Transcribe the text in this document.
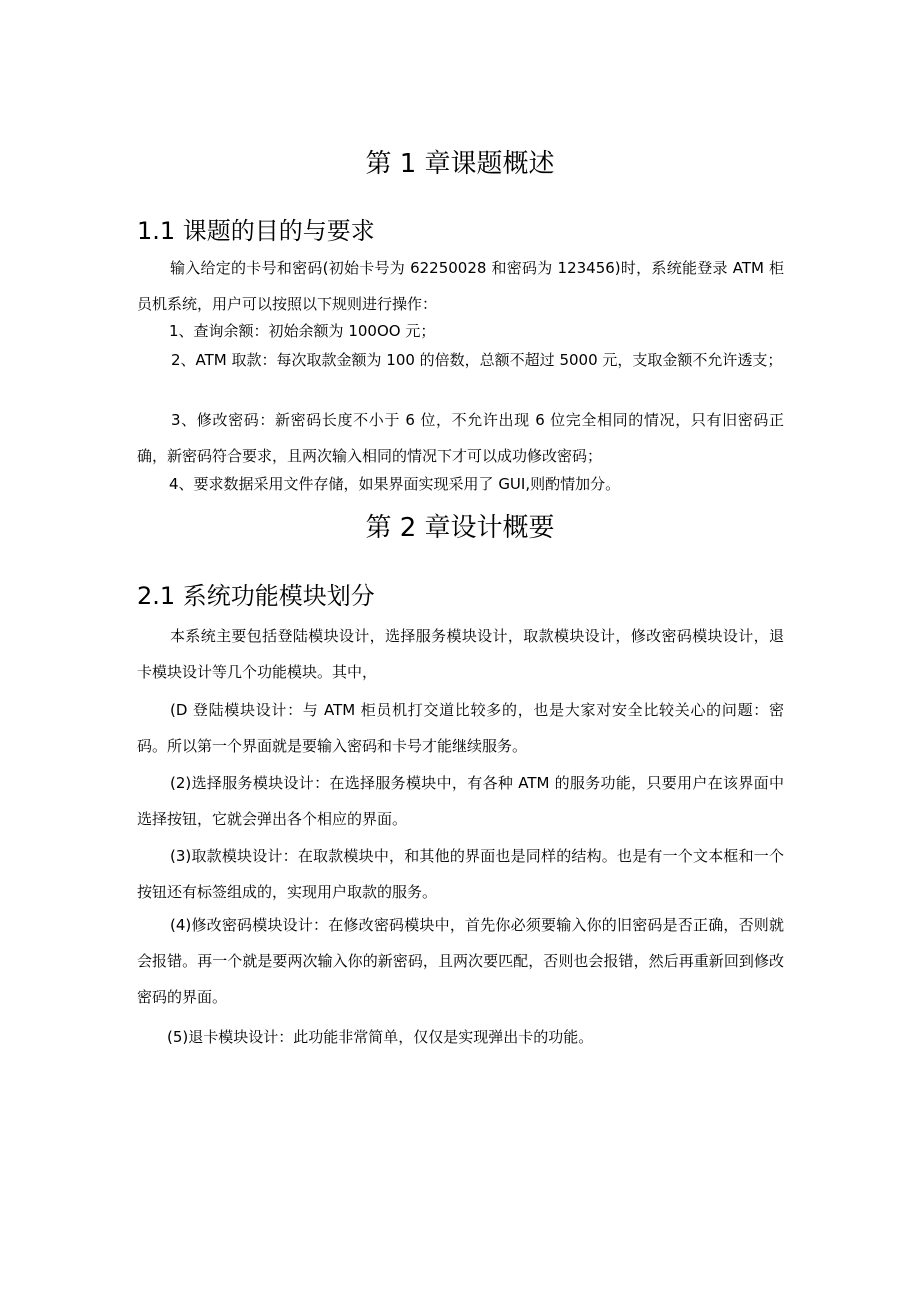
第 1 章课题概述
1.1 课题的目的与要求

输入给定的卡号和密码(初始卡号为 62250028 和密码为 123456)时，系统能登录 ATM 柜员机系统，用户可以按照以下规则进行操作：

1、查询余额：初始余额为 100OO 元；

2、ATM 取款：每次取款金额为 100 的倍数，总额不超过 5000 元，支取金额不允许透支；

3、修改密码：新密码长度不小于 6 位，不允许出现 6 位完全相同的情况，只有旧密码正确，新密码符合要求，且两次输入相同的情况下才可以成功修改密码；

4、要求数据采用文件存储，如果界面实现采用了 GUI,则酌情加分。

第 2 章设计概要
2.1 系统功能模块划分

本系统主要包括登陆模块设计，选择服务模块设计，取款模块设计，修改密码模块设计，退卡模块设计等几个功能模块。其中，

(D 登陆模块设计：与 ATM 柜员机打交道比较多的，也是大家对安全比较关心的问题：密码。所以第一个界面就是要输入密码和卡号才能继续服务。

(2)选择服务模块设计：在选择服务模块中，有各种 ATM 的服务功能，只要用户在该界面中选择按钮，它就会弹出各个相应的界面。

(3)取款模块设计：在取款模块中，和其他的界面也是同样的结构。也是有一个文本框和一个按钮还有标签组成的，实现用户取款的服务。

(4)修改密码模块设计：在修改密码模块中，首先你必须要输入你的旧密码是否正确，否则就会报错。再一个就是要两次输入你的新密码，且两次要匹配，否则也会报错，然后再重新回到修改密码的界面。

(5)退卡模块设计：此功能非常简单，仅仅是实现弹出卡的功能。
